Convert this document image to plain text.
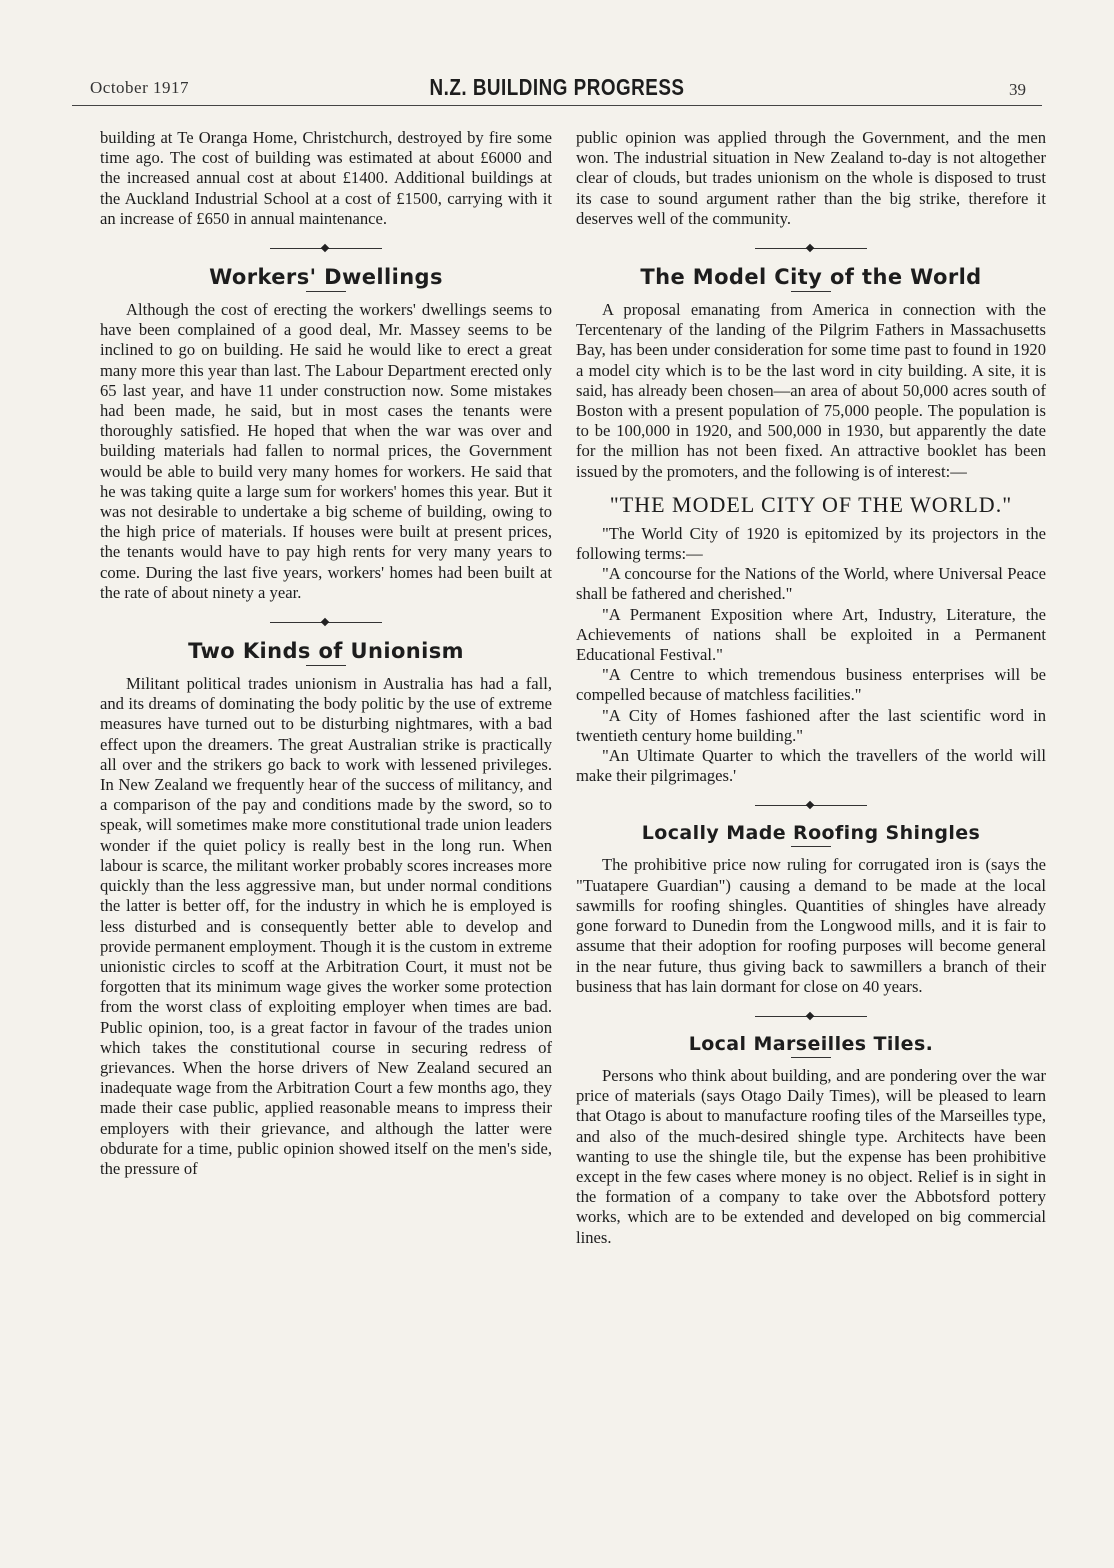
October 1917	N.Z. BUILDING PROGRESS	39

building at Te Oranga Home, Christchurch, destroyed by fire some time ago. The cost of building was estimated at about £6000 and the increased annual cost at about £1400. Additional buildings at the Auckland Industrial School at a cost of £1500, carrying with it an increase of £650 in annual maintenance.

Workers' Dwellings

Although the cost of erecting the workers' dwellings seems to have been complained of a good deal, Mr. Massey seems to be inclined to go on building. He said he would like to erect a great many more this year than last. The Labour Department erected only 65 last year, and have 11 under construction now. Some mistakes had been made, he said, but in most cases the tenants were thoroughly satisfied. He hoped that when the war was over and building materials had fallen to normal prices, the Government would be able to build very many homes for workers. He said that he was taking quite a large sum for workers' homes this year. But it was not desirable to undertake a big scheme of building, owing to the high price of materials. If houses were built at present prices, the tenants would have to pay high rents for very many years to come. During the last five years, workers' homes had been built at the rate of about ninety a year.

Two Kinds of Unionism

Militant political trades unionism in Australia has had a fall, and its dreams of dominating the body politic by the use of extreme measures have turned out to be disturbing nightmares, with a bad effect upon the dreamers. The great Australian strike is practically all over and the strikers go back to work with lessened privileges. In New Zealand we frequently hear of the success of militancy, and a comparison of the pay and conditions made by the sword, so to speak, will sometimes make more constitutional trade union leaders wonder if the quiet policy is really best in the long run. When labour is scarce, the militant worker probably scores increases more quickly than the less aggressive man, but under normal conditions the latter is better off, for the industry in which he is employed is less disturbed and is consequently better able to develop and provide permanent employment. Though it is the custom in extreme unionistic circles to scoff at the Arbitration Court, it must not be forgotten that its minimum wage gives the worker some protection from the worst class of exploiting employer when times are bad. Public opinion, too, is a great factor in favour of the trades union which takes the constitutional course in securing redress of grievances. When the horse drivers of New Zealand secured an inadequate wage from the Arbitration Court a few months ago, they made their case public, applied reasonable means to impress their employers with their grievance, and although the latter were obdurate for a time, public opinion showed itself on the men's side, the pressure of

public opinion was applied through the Government, and the men won. The industrial situation in New Zealand to-day is not altogether clear of clouds, but trades unionism on the whole is disposed to trust its case to sound argument rather than the big strike, therefore it deserves well of the community.

The Model City of the World

A proposal emanating from America in connection with the Tercentenary of the landing of the Pilgrim Fathers in Massachusetts Bay, has been under consideration for some time past to found in 1920 a model city which is to be the last word in city building. A site, it is said, has already been chosen—an area of about 50,000 acres south of Boston with a present population of 75,000 people. The population is to be 100,000 in 1920, and 500,000 in 1930, but apparently the date for the million has not been fixed. An attractive booklet has been issued by the promoters, and the following is of interest:—

"THE MODEL CITY OF THE WORLD."

"The World City of 1920 is epitomized by its projectors in the following terms:—

"A concourse for the Nations of the World, where Universal Peace shall be fathered and cherished."

"A Permanent Exposition where Art, Industry, Literature, the Achievements of nations shall be exploited in a Permanent Educational Festival."

"A Centre to which tremendous business enterprises will be compelled because of matchless facilities."

"A City of Homes fashioned after the last scientific word in twentieth century home building."

"An Ultimate Quarter to which the travellers of the world will make their pilgrimages.'

Locally Made Roofing Shingles

The prohibitive price now ruling for corrugated iron is (says the "Tuatapere Guardian") causing a demand to be made at the local sawmills for roofing shingles. Quantities of shingles have already gone forward to Dunedin from the Longwood mills, and it is fair to assume that their adoption for roofing purposes will become general in the near future, thus giving back to sawmillers a branch of their business that has lain dormant for close on 40 years.

Local Marseilles Tiles.

Persons who think about building, and are pondering over the war price of materials (says Otago Daily Times), will be pleased to learn that Otago is about to manufacture roofing tiles of the Marseilles type, and also of the much-desired shingle type. Architects have been wanting to use the shingle tile, but the expense has been prohibitive except in the few cases where money is no object. Relief is in sight in the formation of a company to take over the Abbotsford pottery works, which are to be extended and developed on big commercial lines.
